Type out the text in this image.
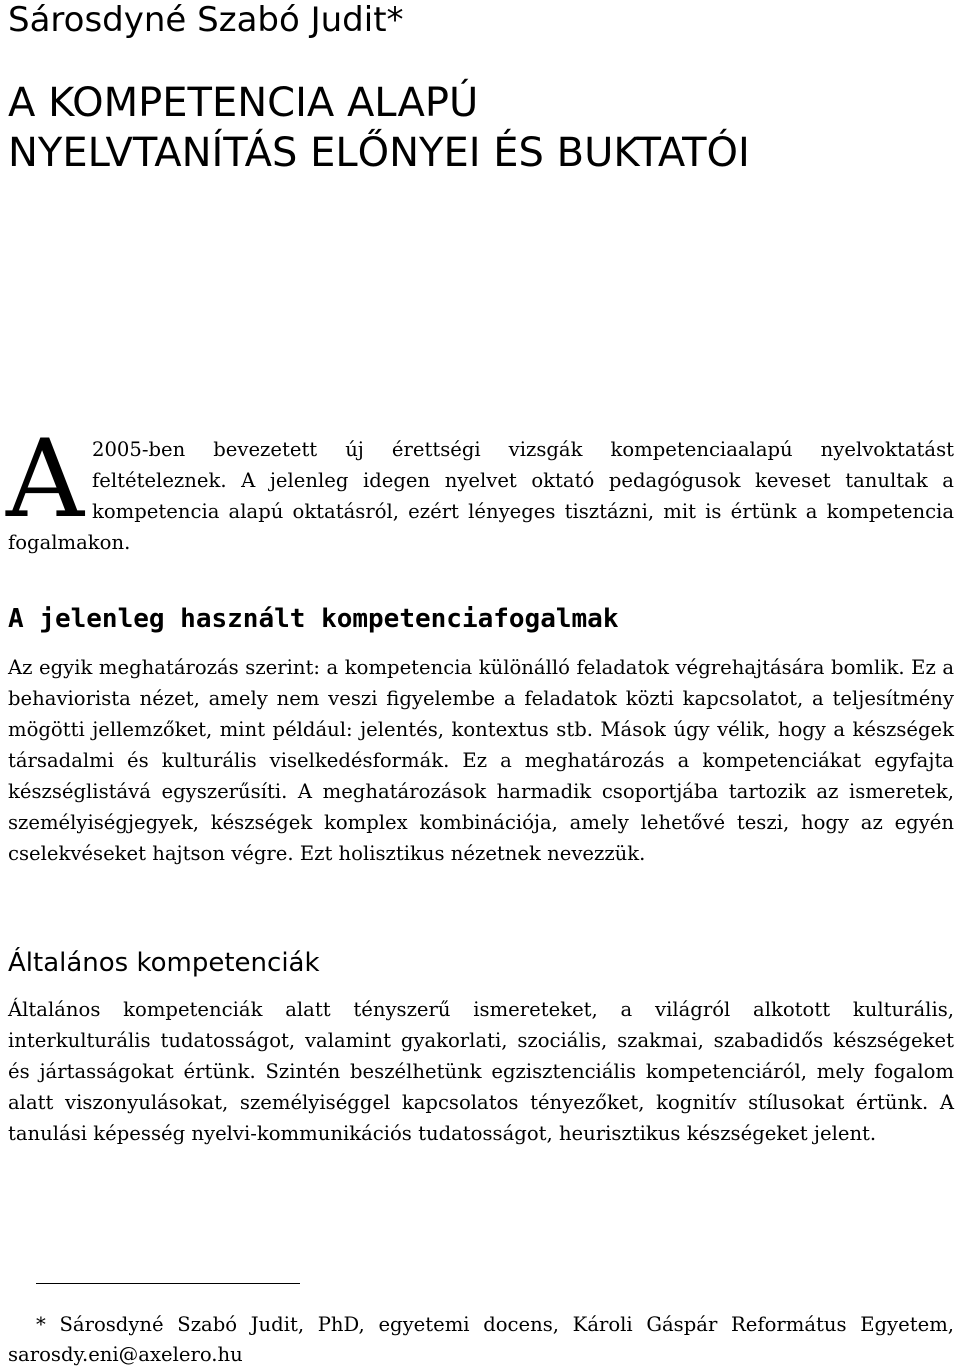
Sárosdyné Szabó Judit*
A KOMPETENCIA ALAPÚ
NYELVTANÍTÁS ELŐNYEI ÉS BUKTATÓI
A 2005-ben bevezetett új érettségi vizsgák kompetenciaalapú nyelvoktatást feltételeznek. A jelenleg idegen nyelvet oktató pedagógusok keveset tanultak a kompetencia alapú oktatásról, ezért lényeges tisztázni, mit is értünk a kompetencia fogalmakon.
A jelenleg használt kompetenciafogalmak
Az egyik meghatározás szerint: a kompetencia különálló feladatok végrehajtására bomlik. Ez a behaviorista nézet, amely nem veszi figyelembe a feladatok közti kapcsolatot, a teljesítmény mögötti jellemzőket, mint például: jelentés, kontextus stb. Mások úgy vélik, hogy a készségek társadalmi és kulturális viselkedésformák. Ez a meghatározás a kompetenciákat egyfajta készséglistává egyszerűsíti. A meghatározások harmadik csoportjába tartozik az ismeretek, személyiségjegyek, készségek komplex kombinációja, amely lehetővé teszi, hogy az egyén cselekvéseket hajtson végre. Ezt holisztikus nézetnek nevezzük.
Általános kompetenciák
Általános kompetenciák alatt tényszerű ismereteket, a világról alkotott kulturális, interkulturális tudatosságot, valamint gyakorlati, szociális, szakmai, szabadidős készségeket és jártasságokat értünk. Szintén beszélhetünk egzisztenciális kompetenciáról, mely fogalom alatt viszonyulásokat, személyiséggel kapcsolatos tényezőket, kognitív stílusokat értünk. A tanulási képesség nyelvi-kommunikációs tudatosságot, heurisztikus készségeket jelent.
* Sárosdyné Szabó Judit, PhD, egyetemi docens, Károli Gáspár Református Egyetem, sarosdy.eni@axelero.hu
